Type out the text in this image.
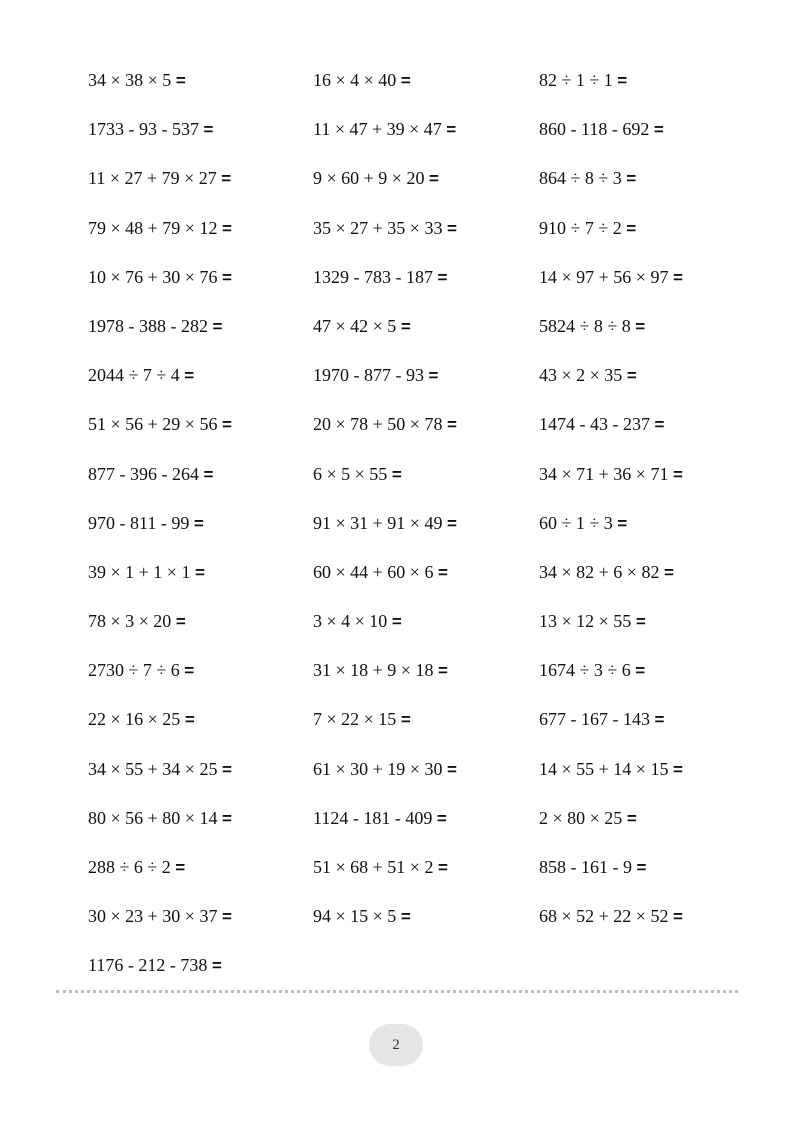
34 × 38 × 5 =	16 × 4 × 40 =	82 ÷ 1 ÷ 1 =
1733 - 93 - 537 =	11 × 47 + 39 × 47 =	860 - 118 - 692 =
11 × 27 + 79 × 27 =	9 × 60 + 9 × 20 =	864 ÷ 8 ÷ 3 =
79 × 48 + 79 × 12 =	35 × 27 + 35 × 33 =	910 ÷ 7 ÷ 2 =
10 × 76 + 30 × 76 =	1329 - 783 - 187 =	14 × 97 + 56 × 97 =
1978 - 388 - 282 =	47 × 42 × 5 =	5824 ÷ 8 ÷ 8 =
2044 ÷ 7 ÷ 4 =	1970 - 877 - 93 =	43 × 2 × 35 =
51 × 56 + 29 × 56 =	20 × 78 + 50 × 78 =	1474 - 43 - 237 =
877 - 396 - 264 =	6 × 5 × 55 =	34 × 71 + 36 × 71 =
970 - 811 - 99 =	91 × 31 + 91 × 49 =	60 ÷ 1 ÷ 3 =
39 × 1 + 1 × 1 =	60 × 44 + 60 × 6 =	34 × 82 + 6 × 82 =
78 × 3 × 20 =	3 × 4 × 10 =	13 × 12 × 55 =
2730 ÷ 7 ÷ 6 =	31 × 18 + 9 × 18 =	1674 ÷ 3 ÷ 6 =
22 × 16 × 25 =	7 × 22 × 15 =	677 - 167 - 143 =
34 × 55 + 34 × 25 =	61 × 30 + 19 × 30 =	14 × 55 + 14 × 15 =
80 × 56 + 80 × 14 =	1124 - 181 - 409 =	2 × 80 × 25 =
288 ÷ 6 ÷ 2 =	51 × 68 + 51 × 2 =	858 - 161 - 9 =
30 × 23 + 30 × 37 =	94 × 15 × 5 =	68 × 52 + 22 × 52 =
1176 - 212 - 738 =
2
